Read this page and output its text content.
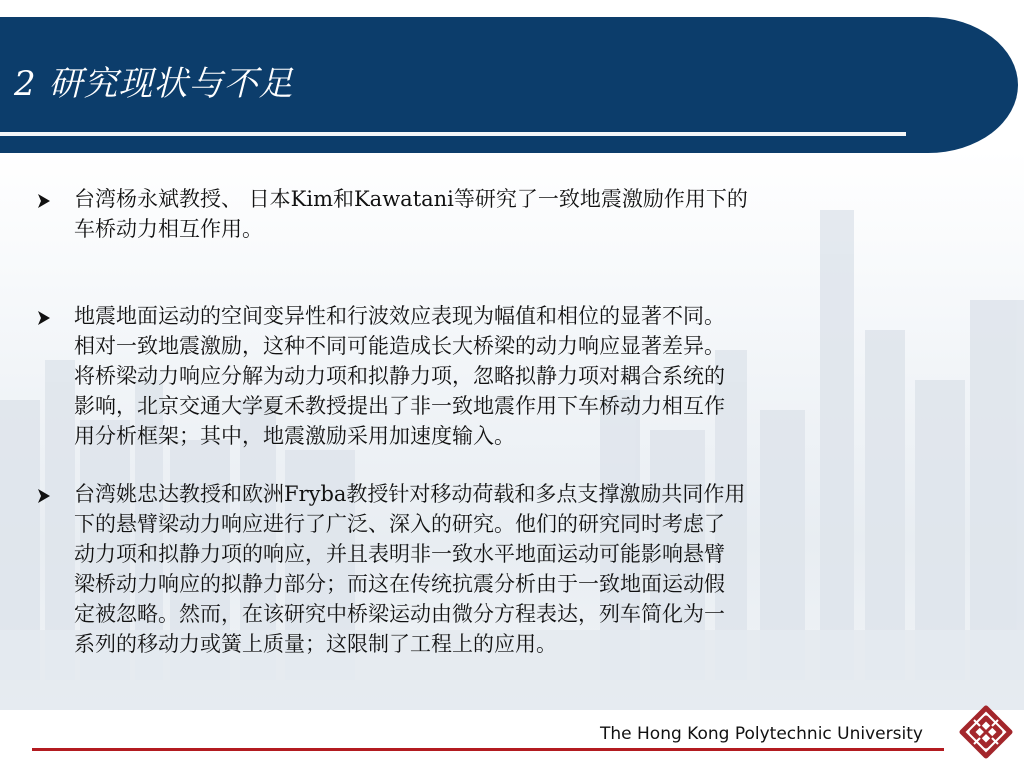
2 研究现状与不足

台湾杨永斌教授、 日本Kim和Kawatani等研究了一致地震激励作用下的
车桥动力相互作用。

地震地面运动的空间变异性和行波效应表现为幅值和相位的显著不同。
相对一致地震激励，这种不同可能造成长大桥梁的动力响应显著差异。
将桥梁动力响应分解为动力项和拟静力项，忽略拟静力项对耦合系统的
影响，北京交通大学夏禾教授提出了非一致地震作用下车桥动力相互作
用分析框架；其中，地震激励采用加速度输入。

台湾姚忠达教授和欧洲Fryba教授针对移动荷载和多点支撑激励共同作用
下的悬臂梁动力响应进行了广泛、深入的研究。他们的研究同时考虑了
动力项和拟静力项的响应，并且表明非一致水平地面运动可能影响悬臂
梁桥动力响应的拟静力部分；而这在传统抗震分析由于一致地面运动假
定被忽略。然而，在该研究中桥梁运动由微分方程表达，列车简化为一
系列的移动力或簧上质量；这限制了工程上的应用。

The Hong Kong Polytechnic University
